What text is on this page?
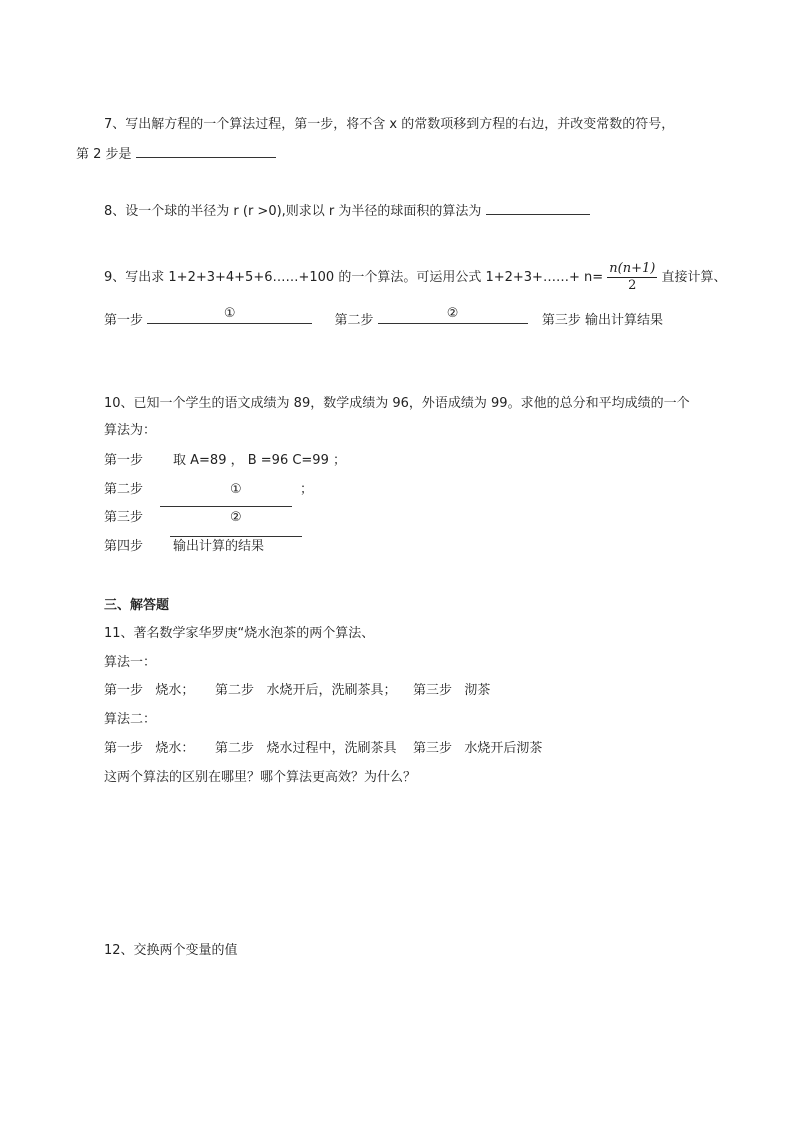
7、写出解方程的一个算法过程，第一步，将不含 x 的常数项移到方程的右边，并改变常数的符号，
第 2 步是
8、设一个球的半径为 r (r >0),则求以 r 为半径的球面积的算法为
9、写出求 1+2+3+4+5+6……+100 的一个算法。可运用公式 1+2+3+……+ $n= \frac{n(n+1)}{2}$ 直接计算、
第一步	①	第二步	②	第三步 输出计算结果
10、已知一个学生的语文成绩为 89，数学成绩为 96，外语成绩为 99。求他的总分和平均成绩的一个
算法为：
第一步 取 A=89 ， B =96 C=99 ；
第二步	①	；
第三步	②
第四步 输出计算的结果
三、解答题
11、著名数学家华罗庚“烧水泡茶的两个算法、
算法一：
第一步   烧水；     第二步   水烧开后，洗刷茶具；    第三步   沏茶
算法二：
第一步   烧水：     第二步   烧水过程中，洗刷茶具    第三步   水烧开后沏茶
这两个算法的区别在哪里？哪个算法更高效？为什么？
12、交换两个变量的值
